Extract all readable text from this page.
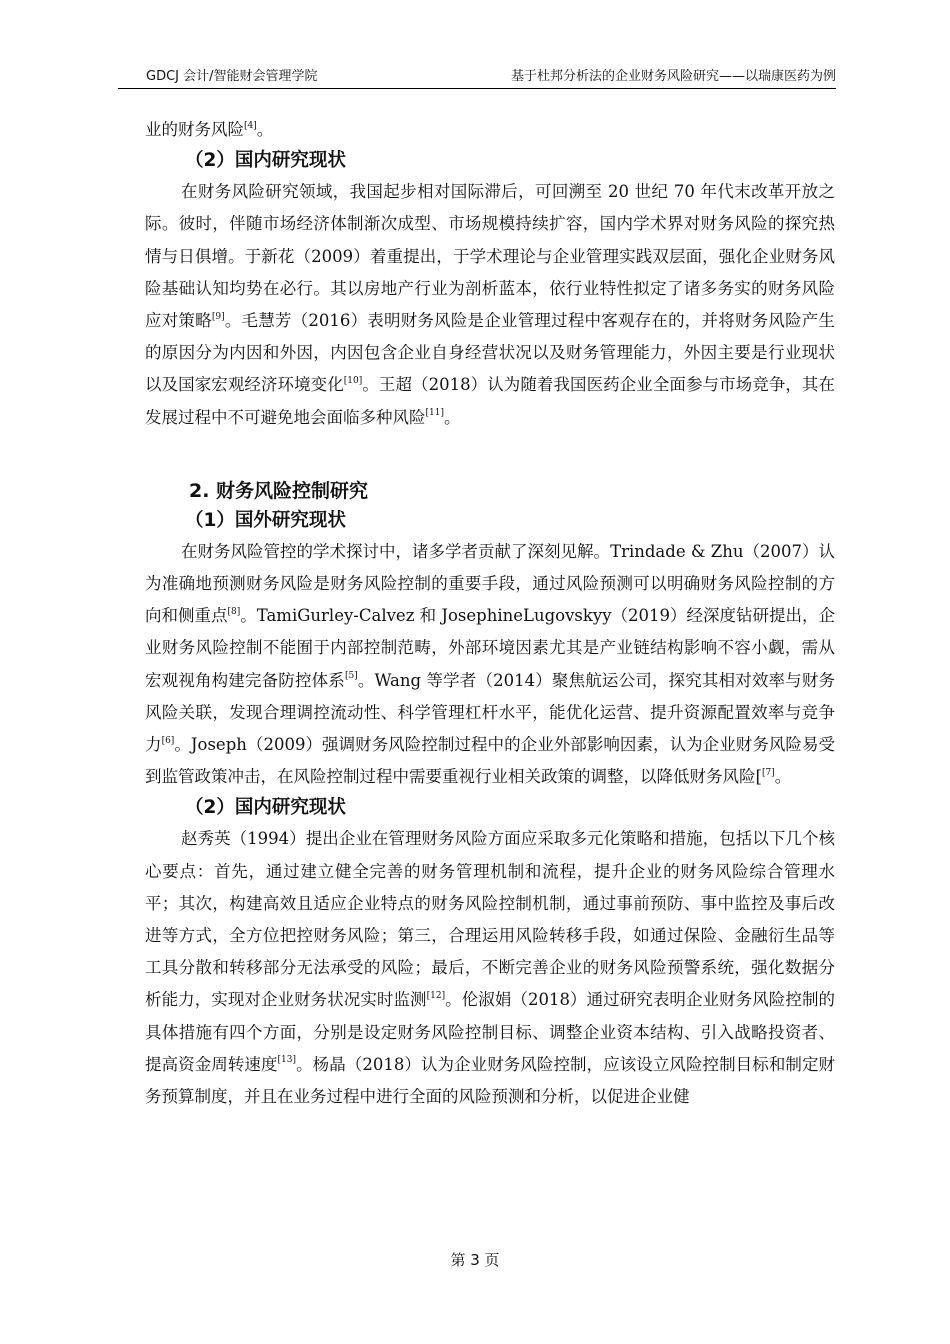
GDCJ 会计/智能财会管理学院	基于杜邦分析法的企业财务风险研究——以瑞康医药为例

业的财务风险[4]。

（2）国内研究现状

在财务风险研究领域，我国起步相对国际滞后，可回溯至 20 世纪 70 年代末改革开放之际。彼时，伴随市场经济体制渐次成型、市场规模持续扩容，国内学术界对财务风险的探究热情与日俱增。于新花（2009）着重提出，于学术理论与企业管理实践双层面，强化企业财务风险基础认知均势在必行。其以房地产行业为剖析蓝本，依行业特性拟定了诸多务实的财务风险应对策略[9]。毛慧芳（2016）表明财务风险是企业管理过程中客观存在的，并将财务风险产生的原因分为内因和外因，内因包含企业自身经营状况以及财务管理能力，外因主要是行业现状以及国家宏观经济环境变化[10]。王超（2018）认为随着我国医药企业全面参与市场竞争，其在发展过程中不可避免地会面临多种风险[11]。

2. 财务风险控制研究
（1）国外研究现状

在财务风险管控的学术探讨中，诸多学者贡献了深刻见解。Trindade & Zhu（2007）认为准确地预测财务风险是财务风险控制的重要手段，通过风险预测可以明确财务风险控制的方向和侧重点[8]。TamiGurley-Calvez 和 JosephineLugovskyy（2019）经深度钻研提出，企业财务风险控制不能囿于内部控制范畴，外部环境因素尤其是产业链结构影响不容小觑，需从宏观视角构建完备防控体系[5]。Wang 等学者（2014）聚焦航运公司，探究其相对效率与财务风险关联，发现合理调控流动性、科学管理杠杆水平，能优化运营、提升资源配置效率与竞争力[6]。Joseph（2009）强调财务风险控制过程中的企业外部影响因素，认为企业财务风险易受到监管政策冲击，在风险控制过程中需要重视行业相关政策的调整，以降低财务风险[[7]。

（2）国内研究现状

赵秀英（1994）提出企业在管理财务风险方面应采取多元化策略和措施，包括以下几个核心要点：首先，通过建立健全完善的财务管理机制和流程，提升企业的财务风险综合管理水平；其次，构建高效且适应企业特点的财务风险控制机制，通过事前预防、事中监控及事后改进等方式，全方位把控财务风险；第三，合理运用风险转移手段，如通过保险、金融衍生品等工具分散和转移部分无法承受的风险；最后，不断完善企业的财务风险预警系统，强化数据分析能力，实现对企业财务状况实时监测[12]。伦淑娟（2018）通过研究表明企业财务风险控制的具体措施有四个方面，分别是设定财务风险控制目标、调整企业资本结构、引入战略投资者、提高资金周转速度[13]。杨晶（2018）认为企业财务风险控制，应该设立风险控制目标和制定财务预算制度，并且在业务过程中进行全面的风险预测和分析，以促进企业健

第 3 页
